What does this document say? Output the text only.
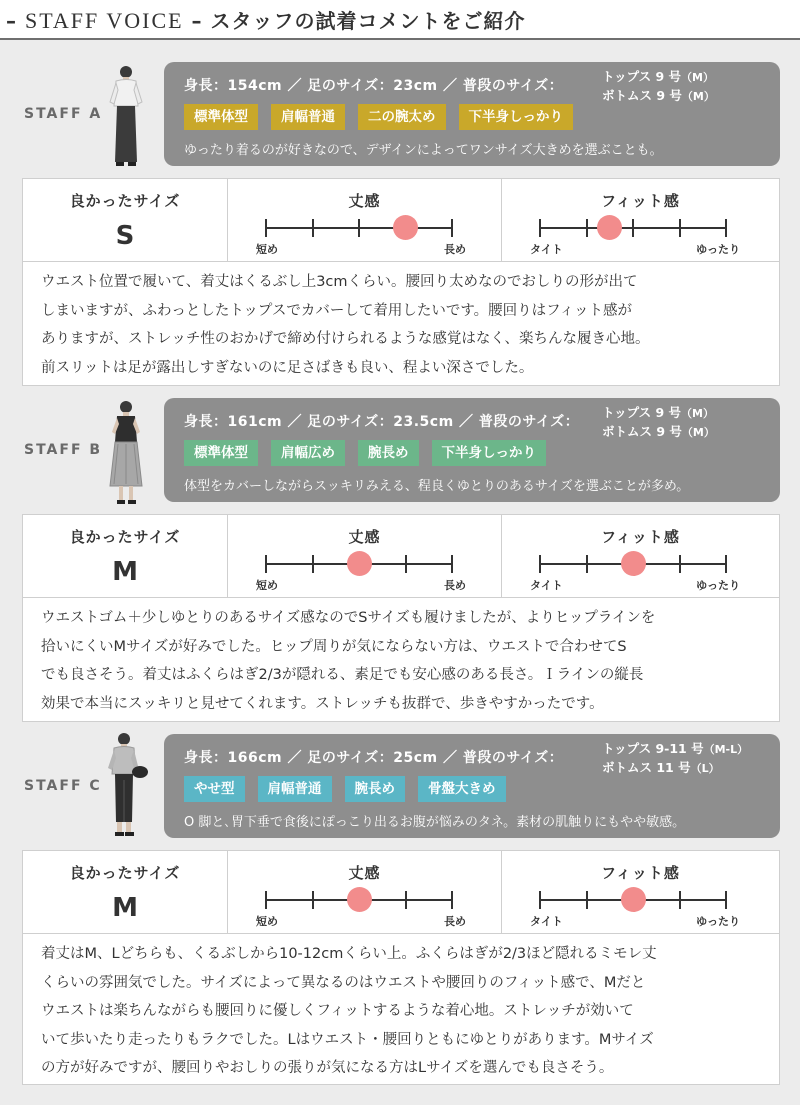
– STAFF VOICE – スタッフの試着コメントをご紹介
STAFF A
身長：154cm ／ 足のサイズ：23cm ／ 普段のサイズ：
トップス 9 号（M）
ボトムス 9 号（M）
標準体型	肩幅普通	二の腕太め	下半身しっかり
ゆったり着るのが好きなので、デザインによってワンサイズ大きめを選ぶことも。
良かったサイズ
S
丈感
短め	長め
フィット感
タイト	ゆったり

ウエスト位置で履いて、着丈はくるぶし上3cmくらい。腰回り太めなのでおしりの形が出て

しまいますが、ふわっとしたトップスでカバーして着用したいです。腰回りはフィット感が

ありますが、ストレッチ性のおかげで締め付けられるような感覚はなく、楽ちんな履き心地。

前スリットは足が露出しすぎないのに足さばきも良い、程よい深さでした。

STAFF B
身長：161cm ／ 足のサイズ：23.5cm ／ 普段のサイズ：
トップス 9 号（M）
ボトムス 9 号（M）
標準体型	肩幅広め	腕長め	下半身しっかり
体型をカバーしながらスッキリみえる、程良くゆとりのあるサイズを選ぶことが多め。
良かったサイズ
M
丈感
短め	長め
フィット感
タイト	ゆったり

ウエストゴム＋少しゆとりのあるサイズ感なのでSサイズも履けましたが、よりヒップラインを

拾いにくいMサイズが好みでした。ヒップ周りが気にならない方は、ウエストで合わせてS

でも良さそう。着丈はふくらはぎ2/3が隠れる、素足でも安心感のある長さ。Ｉラインの縦長

効果で本当にスッキリと見せてくれます。ストレッチも抜群で、歩きやすかったです。

STAFF C
身長：166cm ／ 足のサイズ：25cm ／ 普段のサイズ：
トップス 9-11 号（M-L）
ボトムス 11 号（L）
やせ型	肩幅普通	腕長め	骨盤大きめ
O 脚と､胃下垂で食後にぽっこり出るお腹が悩みのタネ。素材の肌触りにもやや敏感。
良かったサイズ
M
丈感
短め	長め
フィット感
タイト	ゆったり

着丈はM、Lどちらも、くるぶしから10-12cmくらい上。ふくらはぎが2/3ほど隠れるミモレ丈

くらいの雰囲気でした。サイズによって異なるのはウエストや腰回りのフィット感で、Mだと

ウエストは楽ちんながらも腰回りに優しくフィットするような着心地。ストレッチが効いて

いて歩いたり走ったりもラクでした。Lはウエスト・腰回りともにゆとりがあります。Mサイズ

の方が好みですが、腰回りやおしりの張りが気になる方はLサイズを選んでも良さそう。
